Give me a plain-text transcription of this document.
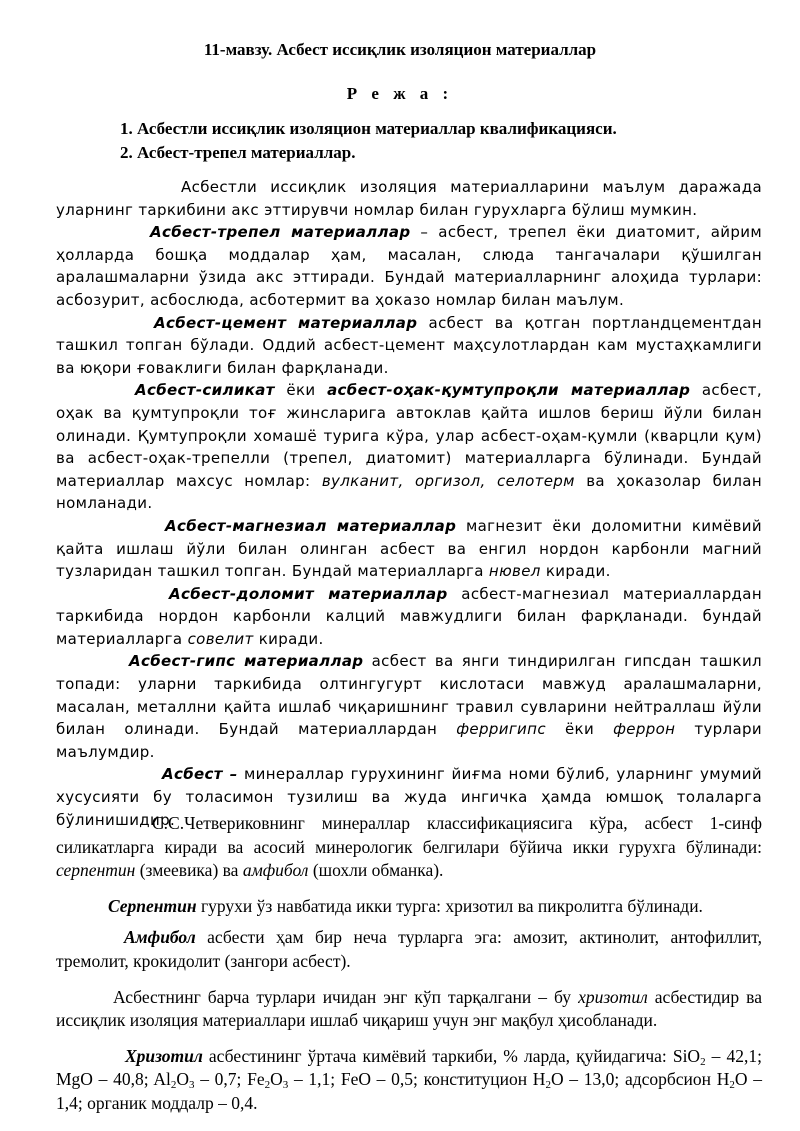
11-мавзу. Асбест иссиқлик изоляцион материаллар
Р е ж а :
1. Асбестли иссиқлик изоляцион материаллар квалификацияси.
2. Асбест-трепел материаллар.

Асбестли иссиқлик изоляция материалларини маълум даражада уларнинг таркибини акс эттирувчи номлар билан гурухларга бўлиш мумкин.

Асбест-трепел материаллар – асбест, трепел ёки диатомит, айрим ҳолларда бошқа моддалар ҳам, масалан, слюда тангачалари қўшилган аралашмаларни ўзида акс эттиради. Бундай материалларнинг алоҳида турлари: асбозурит, асбослюда, асботермит ва ҳоказо номлар билан маълум.

Асбест-цемент материаллар асбест ва қотган портландцементдан ташкил топган бўлади. Оддий асбест-цемент маҳсулотлардан кам мустаҳкамлиги ва юқори ғоваклиги билан фарқланади.

Асбест-силикат ёки асбест-оҳак-қумтупроқли материаллар асбест, оҳак ва қумтупроқли тоғ жинсларига автоклав қайта ишлов бериш йўли билан олинади. Қумтупроқли хомашё турига кўра, улар асбест-оҳам-қумли (кварцли қум) ва асбест-оҳак-трепелли (трепел, диатомит) материалларга бўлинади. Бундай материаллар махсус номлар: вулканит, оргизол, селотерм ва ҳоказолар билан номланади.

Асбест-магнезиал материаллар магнезит ёки доломитни кимёвий қайта ишлаш йўли билан олинган асбест ва енгил нордон карбонли магний тузларидан ташкил топган. Бундай материалларга нювел киради.

Асбест-доломит материаллар асбест-магнезиал материаллардан таркибида нордон карбонли калций мавжудлиги билан фарқланади. бундай материалларга совелит киради.

Асбест-гипс материаллар асбест ва янги тиндирилган гипсдан ташкил топади: уларни таркибида олтингугурт кислотаси мавжуд аралашмаларни, масалан, металлни қайта ишлаб чиқаришнинг травил сувларини нейтраллаш йўли билан олинади. Бундай материаллардан ферригипс ёки феррон турлари маълумдир.

Асбест – минераллар гурухининг йиғма номи бўлиб, уларнинг умумий хусусияти бу толасимон тузилиш ва жуда ингичка ҳамда юмшоқ толаларга бўлинишидир.

С.С.Четвериковнинг минераллар классификациясига кўра, асбест 1-синф силикатларга киради ва асосий минерологик белгилари бўйича икки гурухга бўлинади: серпентин (змеевика) ва амфибол (шохли обманка).

Серпентин гурухи ўз навбатида икки турга: хризотил ва пикролитга бўлинади.

Амфибол асбести ҳам бир неча турларга эга: амозит, актинолит, антофиллит, тремолит, крокидолит (зангори асбест).

Асбестнинг барча турлари ичидан энг кўп тарқалгани – бу хризотил асбестидир ва иссиқлик изоляция материаллари ишлаб чиқариш учун энг мақбул ҳисобланади.

Хризотил асбестининг ўртача кимёвий таркиби, % ларда, қуйидагича: SiO$_2$ – 42,1; MgO – 40,8; $Al_2O_3 - 0,7$; $Fe_2O_3 - 1,1$; FeO – 0,5; конституцион $H_2O - 13,0$; адсорбсион $H_2O - 1,4$; органик моддалр – 0,4.
